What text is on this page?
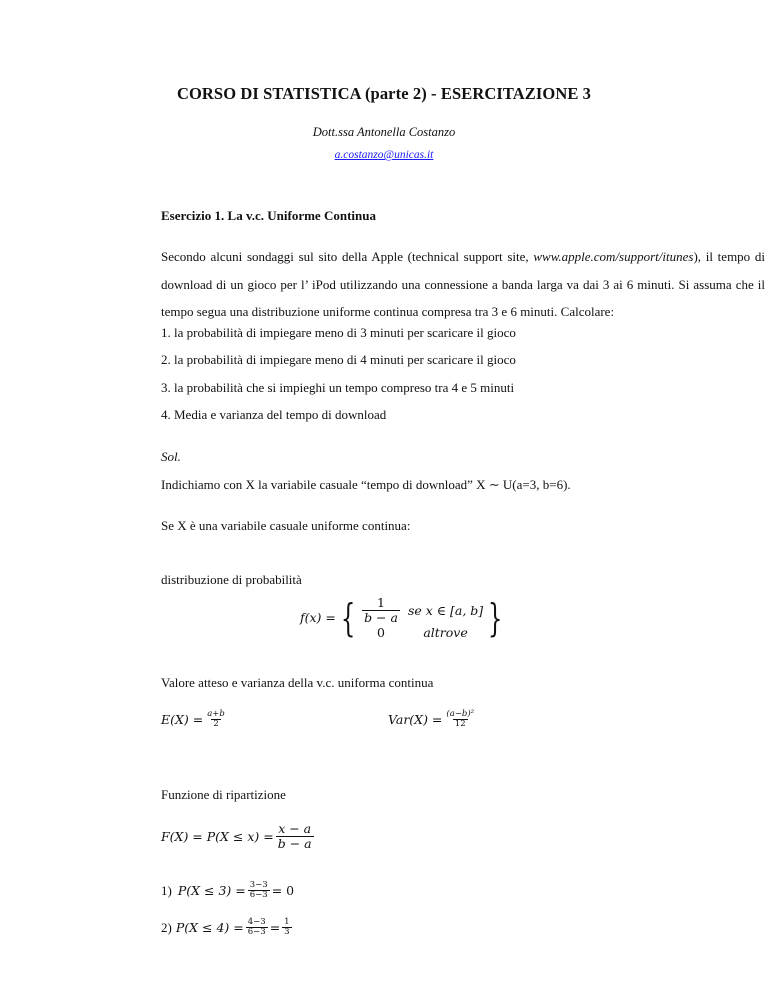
CORSO DI STATISTICA (parte 2) - ESERCITAZIONE 3
Dott.ssa Antonella Costanzo
a.costanzo@unicas.it
Esercizio 1. La v.c. Uniforme Continua
Secondo alcuni sondaggi sul sito della Apple (technical support site, www.apple.com/support/itunes), il tempo di download di un gioco per l’ iPod utilizzando una connessione a banda larga va dai 3 ai 6 minuti. Si assuma che il tempo segua una distribuzione uniforme continua compresa tra 3 e 6 minuti. Calcolare:
1. la probabilità di impiegare meno di 3 minuti per scaricare il gioco
2. la probabilità di impiegare meno di 4 minuti per scaricare il gioco
3. la probabilità che si impieghi un tempo compreso tra 4 e 5 minuti
4. Media e varianza del tempo di download
Sol.
Indichiamo con X la variabile casuale “tempo di download” X ∼ U(a=3, b=6).
Se X è una variabile casuale uniforme continua:
distribuzione di probabilità
f(x) = { $\frac{1}{b - a}$ se x ∈ [a, b]
0	altrove }
Valore atteso e varianza della v.c. uniforma continua
$E(X) = \frac{a+b}{2}$	$Var(X) = \frac{\text{(a−b)²}}{12}$
Funzione di ripartizione
$F(X) = P(X \le x) = \frac{x - a}{b - a}$
1) $P(X \le 3) = \frac{3-3}{6-3} = 0$
2) $P(X \le 4) = \frac{4-3}{6-3} = \frac{1}{3}$
